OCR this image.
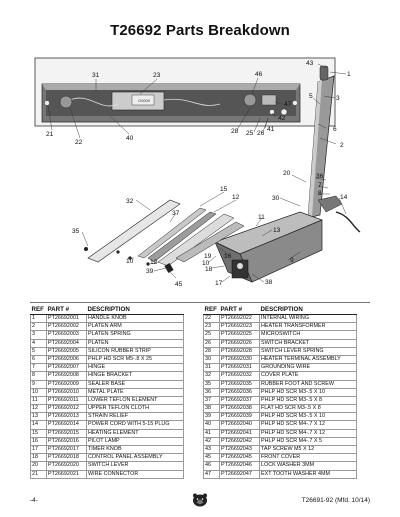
T26692 Parts Breakdown
G0000
43
1
31	23	46
5	3
47
42
41
28 25 26
21
22
40
6
2
20	36
7
8
14
30
15
12
32
37
11
35	13
16
10	12	10
19
39
45
9
18
17	38
REF	PART #	DESCRIPTION
1	PT26692001	HANDLE KNOB
2	PT26692002	PLATEN ARM
3	PT26692003	PLATEN SPRING
4	PT26692004	PLATEN
5	PT26692005	SILICON RUBBER STRIP
6	PT26692006	PHLP HD SCR M5-.8 X 25
7	PT26692007	HINGE
8	PT26692008	HINGE BRACKET
9	PT26692009	SEALER BASE
10	PT26692010	METAL PLATE
11	PT26692011	LOWER TEFLON ELEMENT
12	PT26692012	UPPER TEFLON CLOTH
13	PT26692013	STRAIN RELIEF
14	PT26692014	POWER CORD WITH 5-15 PLUG
15	PT26692015	HEATING ELEMENT
16	PT26692016	PILOT LAMP
17	PT26692017	TIMER KNOB
18	PT26692018	CONTROL PANEL ASSEMBLY
20	PT26692020	SWITCH LEVER
21	PT26692021	WIRE CONNECTOR
REF	PART #	DESCRIPTION
22	PT26692022	INTERNAL WIRING
23	PT26692023	HEATER TRANSFORMER
25	PT26692025	MICROSWITCH
26	PT26692026	SWITCH BRACKET
28	PT26692028	SWITCH LEVER SPRING
30	PT26692030	HEATER TERMINAL ASSEMBLY
31	PT26692031	GROUNDING WIRE
32	PT26692032	COVER PLATE
35	PT26692035	RUBBER FOOT AND SCREW
36	PT26692036	PHLP HD SCR M3-.5 X 10
37	PT26692037	PHLP HD SCR M3-.5 X 8
38	PT26692038	FLAT HD SCR M3-.5 X 8
39	PT26692039	PHLP HD SCR M3-.5 X 10
40	PT26692040	PHLP HD SCR M4-.7 X 12
41	PT26692041	PHLP HD SCR M4-.7 X 12
42	PT26692042	PHLP HD SCR M4-.7 X 5
43	PT26692043	TAP SCREW M5 X 12
45	PT26692045	FRONT COVER
46	PT26692046	LOCK WASHER 3MM
47	PT26692047	EXT TOOTH WASHER 4MM
-4-	T26691-92 (Mfd. 10/14)
